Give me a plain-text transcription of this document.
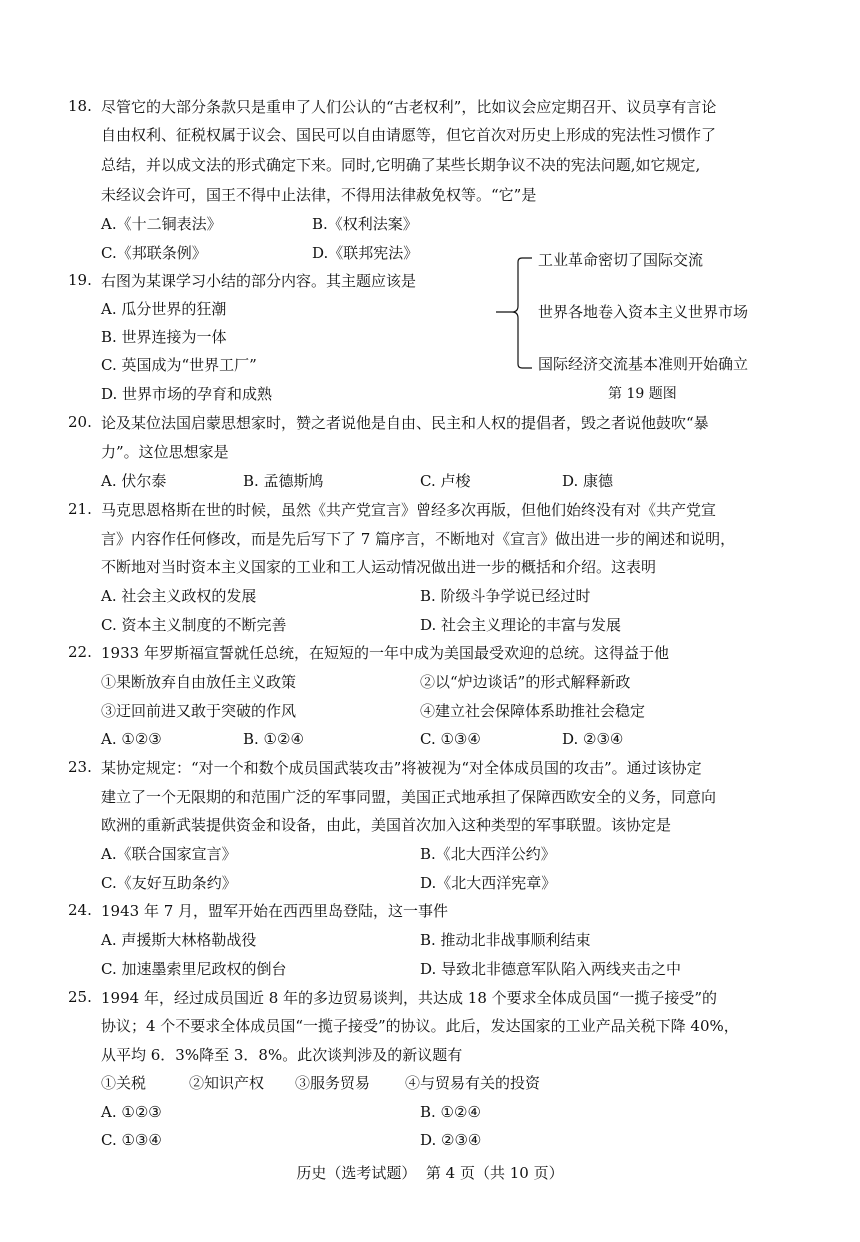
18. 尽管它的大部分条款只是重申了人们公认的“古老权利”，比如议会应定期召开、议员享有言论
自由权利、征税权属于议会、国民可以自由请愿等，但它首次对历史上形成的宪法性习惯作了
总结，并以成文法的形式确定下来。同时,它明确了某些长期争议不决的宪法问题,如它规定,
未经议会许可，国王不得中止法律，不得用法律赦免权等。“它”是
A.《十二铜表法》	B.《权利法案》
C.《邦联条例》	D.《联邦宪法》
19. 右图为某课学习小结的部分内容。其主题应该是
A. 瓜分世界的狂潮
B. 世界连接为一体
C. 英国成为“世界工厂”
D. 世界市场的孕育和成熟
工业革命密切了国际交流
世界各地卷入资本主义世界市场
国际经济交流基本准则开始确立
第 19 题图
20. 论及某位法国启蒙思想家时，赞之者说他是自由、民主和人权的提倡者，毁之者说他鼓吹“暴
力”。这位思想家是
A. 伏尔泰	B. 孟德斯鸠	C. 卢梭	D. 康德
21. 马克思恩格斯在世的时候，虽然《共产党宣言》曾经多次再版，但他们始终没有对《共产党宣
言》内容作任何修改，而是先后写下了 7 篇序言，不断地对《宣言》做出进一步的阐述和说明，
不断地对当时资本主义国家的工业和工人运动情况做出进一步的概括和介绍。这表明
A. 社会主义政权的发展	B. 阶级斗争学说已经过时
C. 资本主义制度的不断完善	D. 社会主义理论的丰富与发展
22. 1933 年罗斯福宣誓就任总统，在短短的一年中成为美国最受欢迎的总统。这得益于他
①果断放弃自由放任主义政策	②以“炉边谈话”的形式解释新政
③迂回前进又敢于突破的作风	④建立社会保障体系助推社会稳定
A. ①②③	B. ①②④	C. ①③④	D. ②③④
23. 某协定规定：“对一个和数个成员国武装攻击”将被视为“对全体成员国的攻击”。通过该协定
建立了一个无限期的和范围广泛的军事同盟，美国正式地承担了保障西欧安全的义务，同意向
欧洲的重新武装提供资金和设备，由此，美国首次加入这种类型的军事联盟。该协定是
A.《联合国家宣言》	B.《北大西洋公约》
C.《友好互助条约》	D.《北大西洋宪章》
24. 1943 年 7 月，盟军开始在西西里岛登陆，这一事件
A. 声援斯大林格勒战役	B. 推动北非战事顺利结束
C. 加速墨索里尼政权的倒台	D. 导致北非德意军队陷入两线夹击之中
25. 1994 年，经过成员国近 8 年的多边贸易谈判，共达成 18 个要求全体成员国“一揽子接受”的
协议；4 个不要求全体成员国“一揽子接受”的协议。此后，发达国家的工业产品关税下降 40%，
从平均 6．3%降至 3．8%。此次谈判涉及的新议题有
①关税	②知识产权 ③服务贸易 ④与贸易有关的投资
A. ①②③	B. ①②④
C. ①③④	D. ②③④
历史（选考试题）  第 4 页（共 10 页）
